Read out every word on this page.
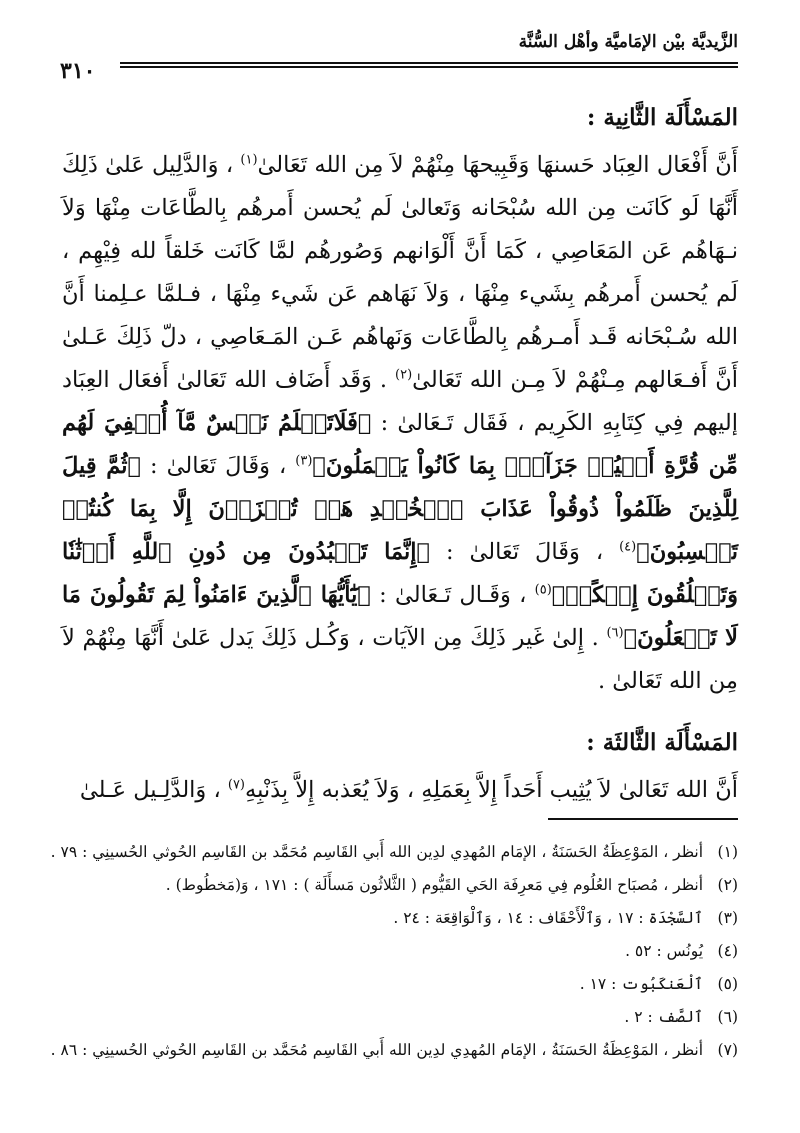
الزَّيديَّة بيْن الإمَاميَّة وأهْل السُّنَّة
٣١٠
المَسْأَلَة الثَّانِية :

أَنَّ أَفْعَال العِبَاد حَسنهَا وَقَبِيحهَا مِنْهُمْ لاَ مِن الله تَعَالىٰ$^{(١)}$ ، وَالدَّلِيل عَلىٰ ذَلِكَ أَنَّهَا لَو كَانَت مِن الله سُبْحَانه وَتَعالىٰ لَم يُحسن أَمرهُم بِالطَّاعَات مِنْهَا وَلاَ نـهَاهُم عَن المَعَاصِي ، كَمَا أَنَّ أَلْوَانهم وَصُورهُم لمَّا كَانَت خَلقاً لله فِيْهِم ، لَم يُحسن أَمرهُم بِشَيء مِنْهَا ، وَلاَ نَهَاهم عَن شَيء مِنْهَا ، فـلمَّا عـلِمنا أَنَّ الله سُـبْحَانه قَـد أَمـرهُم بِالطَّاعَات وَنَهاهُم عَـن المَـعَاصِي ، دلّ ذَلِكَ عَـلىٰ أَنَّ أَفـعَالهم مِـنْهُمْ لاَ مِـن الله تَعَالىٰ$^{(٢)}$ . وَقَد أَضَاف الله تَعَالىٰ أَفعَال العِبَاد إليهم فِي كِتَابِهِ الكَرِيم ، فَقَال تَـعَالىٰ : ﴿فَلَاتَعۡلَمُ نَفۡسٌ مَّآ أُخۡفِيَ لَهُم مِّن قُرَّةِ أَعۡيُنٖ جَزَآءَۢ بِمَا كَانُواْ يَعۡمَلُونَ﴾$^{(٣)}$ ، وَقَالَ تَعَالىٰ : ﴿ثُمَّ قِيلَ لِلَّذِينَ ظَلَمُواْ ذُوقُواْ عَذَابَ ٱلۡخُلۡدِ هَلۡ تُجۡزَوۡنَ إِلَّا بِمَا كُنتُمۡ تَكۡسِبُونَ﴾$^{(٤)}$ ، وَقَالَ تَعَالىٰ : ﴿إِنَّمَا تَعۡبُدُونَ مِن دُونِ ٱللَّهِ أَوۡثَٰنٗا وَتَخۡلُقُونَ إِفۡكًاۚ﴾$^{(٥)}$ ، وَقَـال تَـعَالىٰ : ﴿يَٰٓأَيُّهَا ٱلَّذِينَ ءَامَنُواْ لِمَ تَقُولُونَ مَا لَا تَفۡعَلُونَ﴾$^{(٦)}$ . إِلىٰ غَير ذَلِكَ مِن الآيَات ، وَكُـل ذَلِكَ يَدل عَلىٰ أَنَّهَا مِنْهُمْ لاَ مِن الله تَعَالىٰ .

المَسْأَلَة الثَّالثَة :

أَنَّ الله تَعَالىٰ لاَ يُثِيب أَحَداً إِلاَّ بِعَمَلِهِ ، وَلاَ يُعَذبه إِلاَّ بِذَنْبِهِ$^{(٧)}$ ، وَالدَّلِـيل عَـلىٰ

(١) أنظر ، المَوْعِظَةُ الحَسَنَةُ ، الإمَام المُهدِي لدِين الله أَبي القَاسِم مُحَمَّد بن القَاسِم الحُوثي الحُسينِي : ٧٩ .
(٢) أنظر ، مُصبَاح العُلُوم فِي مَعرِفَة الحَي القَيُّوم ( الثَّلاثُون مَسأَلَة ) : ١٧١ ، وَ(مَخطُوط) .
(٣) ٱلسَّجْدَة : ١٧ ، وَٱلْأَحْقَاف : ١٤ ، وَٱلْوَاقِعَة : ٢٤ .
(٤) يُونُس : ٥٢ .
(٥) ٱلْعَنكَبُوت : ١٧ .
(٦) ٱلصَّف : ٢ .
(٧) أنظر ، المَوْعِظَةُ الحَسَنَةُ ، الإمَام المُهدِي لدِين الله أَبي القَاسِم مُحَمَّد بن القَاسِم الحُوثي الحُسينِي : ٨٦ .
